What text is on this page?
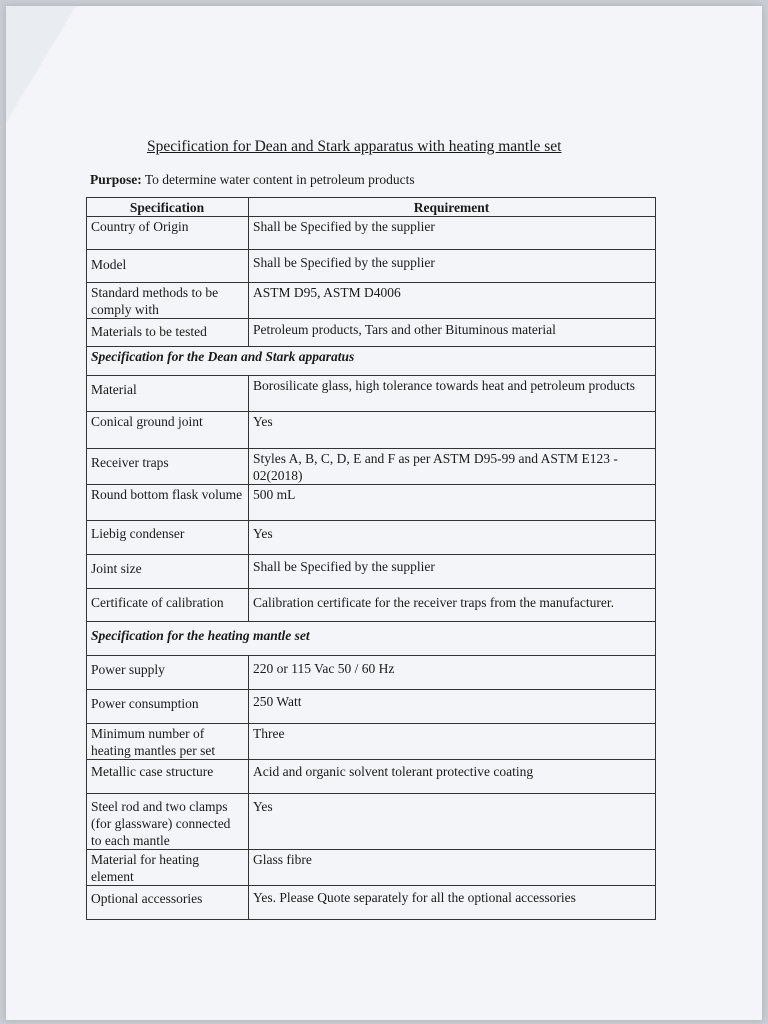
Specification for Dean and Stark apparatus with heating mantle set
Purpose: To determine water content in petroleum products
Specification	Requirement
Country of Origin	Shall be Specified by the supplier
Model	Shall be Specified by the supplier
Standard methods to be comply with	ASTM D95, ASTM D4006
Materials to be tested	Petroleum products, Tars and other Bituminous material
Specification for the Dean and Stark apparatus	
Material	Borosilicate glass, high tolerance towards heat and petroleum products
Conical ground joint	Yes
Receiver traps	Styles A, B, C, D, E and F as per ASTM D95-99 and ASTM E123 - 02(2018)
Round bottom flask volume	500 mL
Liebig condenser	Yes
Joint size	Shall be Specified by the supplier
Certificate of calibration	Calibration certificate for the receiver traps from the manufacturer.
Specification for the heating mantle set	
Power supply	220 or 115 Vac 50 / 60 Hz
Power consumption	250 Watt
Minimum number of heating mantles per set	Three
Metallic case structure	Acid and organic solvent tolerant protective coating
Steel rod and two clamps (for glassware) connected to each mantle	Yes
Material for heating element	Glass fibre
Optional accessories	Yes. Please Quote separately for all the optional accessories
